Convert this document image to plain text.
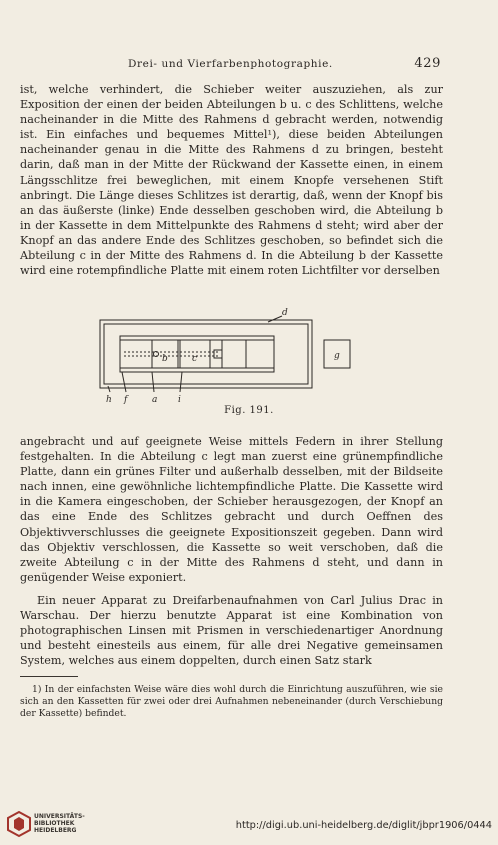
Drei- und Vierfarbenphotographie.	429

ist, welche verhindert, die Schieber weiter auszuziehen, als zur Exposition der einen der beiden Abteilungen b u. c des Schlittens, welche nacheinander in die Mitte des Rahmens d gebracht werden, notwendig ist. Ein einfaches und bequemes Mittel¹), diese beiden Abteilungen nacheinander genau in die Mitte des Rahmens d zu bringen, besteht darin, daß man in der Mitte der Rückwand der Kassette einen, in einem Längsschlitze frei beweglichen, mit einem Knopfe versehenen Stift anbringt. Die Länge dieses Schlitzes ist derartig, daß, wenn der Knopf bis an das äußerste (linke) Ende desselben geschoben wird, die Abteilung b in der Kassette in dem Mittelpunkte des Rahmens d steht; wird aber der Knopf an das andere Ende des Schlitzes geschoben, so befindet sich die Abteilung c in der Mitte des Rahmens d. In die Abteilung b der Kassette wird eine rotempfindliche Platte mit einem roten Lichtfilter vor derselben

d
b	c	g
h f	a i
Fig. 191.

angebracht und auf geeignete Weise mittels Federn in ihrer Stellung festgehalten. In die Abteilung c legt man zuerst eine grünempfindliche Platte, dann ein grünes Filter und außerhalb desselben, mit der Bildseite nach innen, eine gewöhnliche lichtempfindliche Platte. Die Kassette wird in die Kamera eingeschoben, der Schieber herausgezogen, der Knopf an das eine Ende des Schlitzes gebracht und durch Oeffnen des Objektivverschlusses die geeignete Expositionszeit gegeben. Dann wird das Objektiv verschlossen, die Kassette so weit verschoben, daß die zweite Abteilung c in der Mitte des Rahmens d steht, und dann in genügender Weise exponiert.

Ein neuer Apparat zu Dreifarbenaufnahmen von Carl Julius Drac in Warschau. Der hierzu benutzte Apparat ist eine Kombination von photographischen Linsen mit Prismen in verschiedenartiger Anordnung und besteht einesteils aus einem, für alle drei Negative gemeinsamen System, welches aus einem doppelten, durch einen Satz stark

1) In der einfachsten Weise wäre dies wohl durch die Einrichtung auszuführen, wie sie sich an den Kassetten für zwei oder drei Aufnahmen nebeneinander (durch Verschiebung der Kassette) befindet.

UNIVERSITÄTS-
BIBLIOTHEK
HEIDELBERG	http://digi.ub.uni-heidelberg.de/diglit/jbpr1906/0444
